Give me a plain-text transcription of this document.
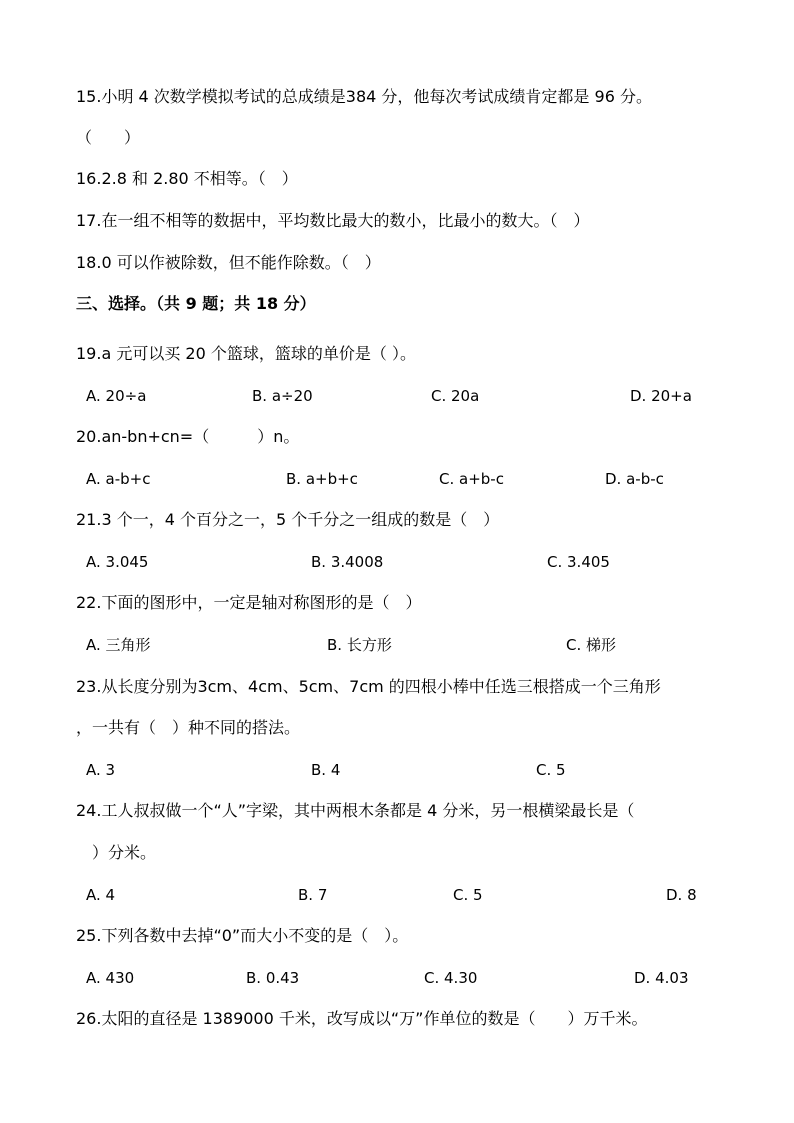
15.小明 4 次数学模拟考试的总成绩是384 分，他每次考试成绩肯定都是 96 分。
（　　）
16.2.8 和 2.80 不相等。（　）
17.在一组不相等的数据中，平均数比最大的数小，比最小的数大。（　）
18.0 可以作被除数，但不能作除数。（　）
三、选择。（共 9 题；共 18 分）
19.a 元可以买 20 个篮球，篮球的单价是（ ）。
A. 20÷a	B. a÷20	C. 20a	D. 20+a
20.an-bn+cn=（　　　）n。
A. a-b+c	B. a+b+c	C. a+b-c	D. a-b-c
21.3 个一，4 个百分之一，5 个千分之一组成的数是（　）
A. 3.045	B. 3.4008	C. 3.405
22.下面的图形中，一定是轴对称图形的是（　）
A. 三角形	B. 长方形	C. 梯形
23.从长度分别为3cm、4cm、5cm、7cm 的四根小棒中任选三根搭成一个三角形
，一共有（　）种不同的搭法。
A. 3	B. 4	C. 5
24.工人叔叔做一个“人”字梁，其中两根木条都是 4 分米，另一根横梁最长是（
　）分米。
A. 4	B. 7	C. 5	D. 8
25.下列各数中去掉“0”而大小不变的是（　）。
A. 430	B. 0.43	C. 4.30	D. 4.03
26.太阳的直径是 1389000 千米，改写成以“万”作单位的数是（　　）万千米。
